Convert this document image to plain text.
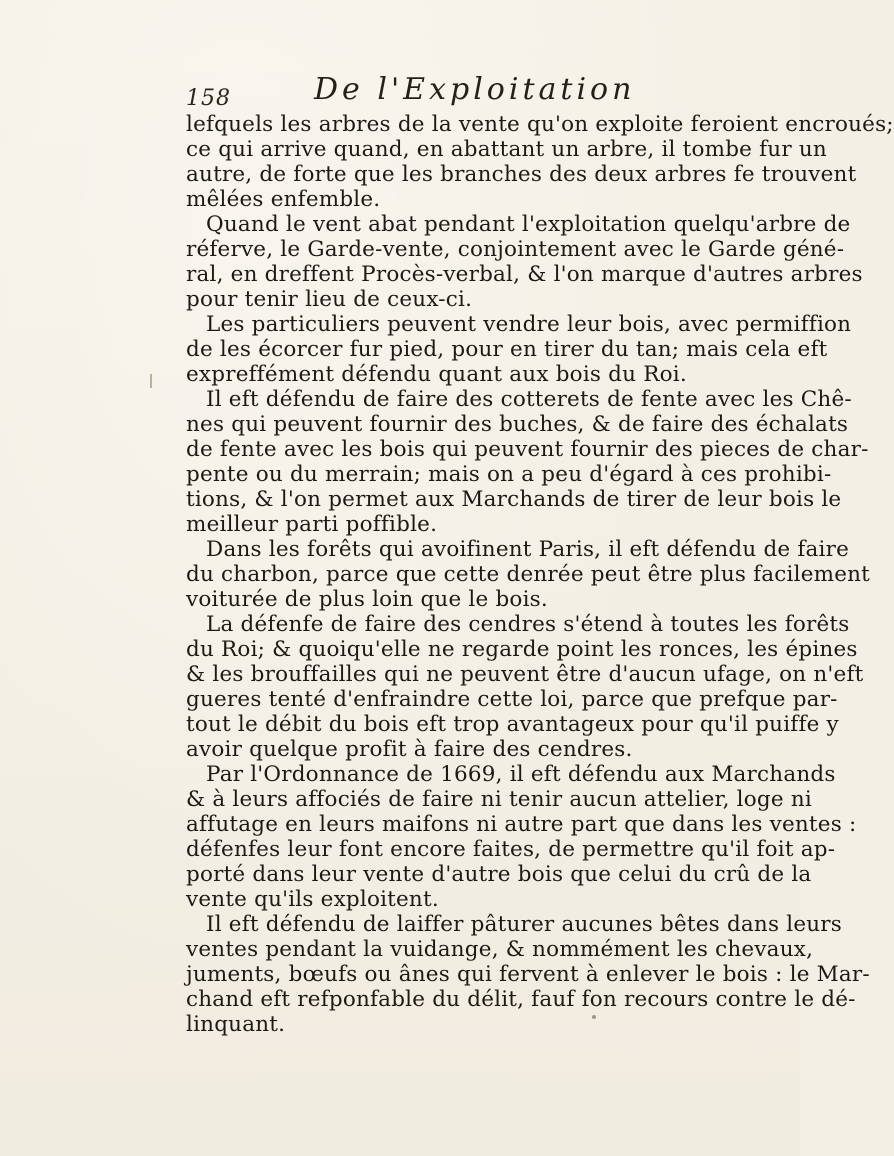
158	De l'Exploitation
lefquels les arbres de la vente qu'on exploite feroient encroués;
ce qui arrive quand, en abattant un arbre, il tombe fur un
autre, de forte que les branches des deux arbres fe trouvent
mêlées enfemble.
Quand le vent abat pendant l'exploitation quelqu'arbre de
réferve, le Garde-vente, conjointement avec le Garde géné-
ral, en dreffent Procès-verbal, & l'on marque d'autres arbres
pour tenir lieu de ceux-ci.
Les particuliers peuvent vendre leur bois, avec permiffion
de les écorcer fur pied, pour en tirer du tan; mais cela eft
expreffément défendu quant aux bois du Roi.
Il eft défendu de faire des cotterets de fente avec les Chê-
nes qui peuvent fournir des buches, & de faire des échalats
de fente avec les bois qui peuvent fournir des pieces de char-
pente ou du merrain; mais on a peu d'égard à ces prohibi-
tions, & l'on permet aux Marchands de tirer de leur bois le
meilleur parti poffible.
Dans les forêts qui avoifinent Paris, il eft défendu de faire
du charbon, parce que cette denrée peut être plus facilement
voiturée de plus loin que le bois.
La défenfe de faire des cendres s'étend à toutes les forêts
du Roi; & quoiqu'elle ne regarde point les ronces, les épines
& les brouffailles qui ne peuvent être d'aucun ufage, on n'eft
gueres tenté d'enfraindre cette loi, parce que prefque par-
tout le débit du bois eft trop avantageux pour qu'il puiffe y
avoir quelque profit à faire des cendres.
Par l'Ordonnance de 1669, il eft défendu aux Marchands
& à leurs affociés de faire ni tenir aucun attelier, loge ni
affutage en leurs maifons ni autre part que dans les ventes :
défenfes leur font encore faites, de permettre qu'il foit ap-
porté dans leur vente d'autre bois que celui du crû de la
vente qu'ils exploitent.
Il eft défendu de laiffer pâturer aucunes bêtes dans leurs
ventes pendant la vuidange, & nommément les chevaux,
juments, bœufs ou ânes qui fervent à enlever le bois : le Mar-
chand eft refponfable du délit, fauf fon recours contre le dé-
linquant.
